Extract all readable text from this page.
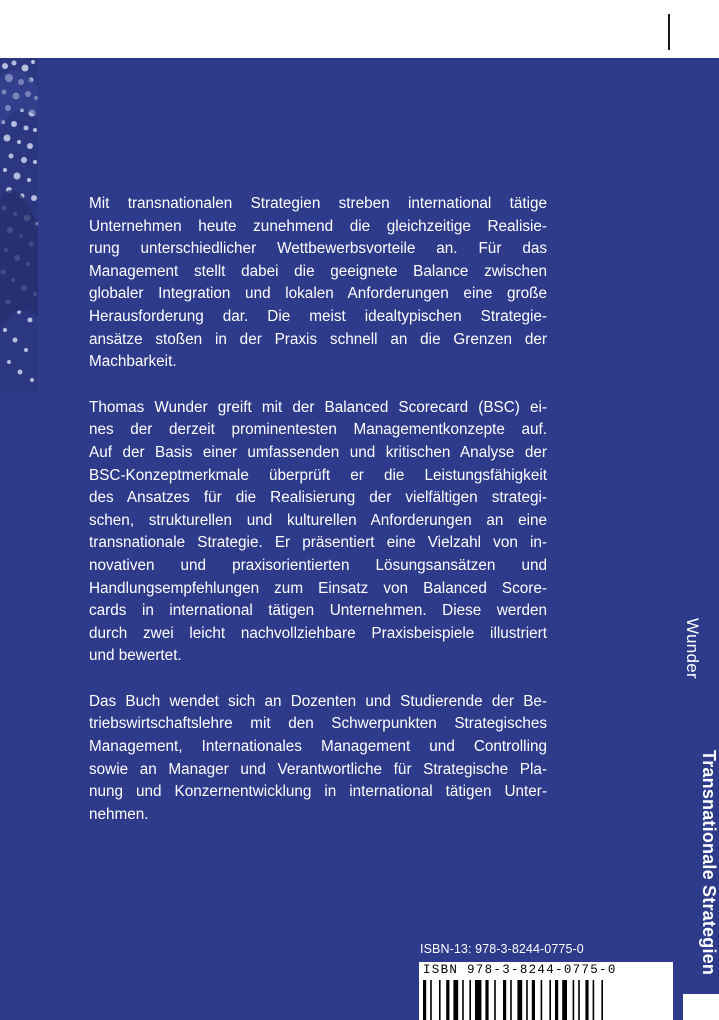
Mit transnationalen Strategien streben international tätige
Unternehmen heute zunehmend die gleichzeitige Realisie-
rung unterschiedlicher Wettbewerbsvorteile an. Für das
Management stellt dabei die geeignete Balance zwischen
globaler Integration und lokalen Anforderungen eine große
Herausforderung dar. Die meist idealtypischen Strategie-
ansätze stoßen in der Praxis schnell an die Grenzen der
Machbarkeit.

Thomas Wunder greift mit der Balanced Scorecard (BSC) ei-
nes der derzeit prominentesten Managementkonzepte auf.
Auf der Basis einer umfassenden und kritischen Analyse der
BSC-Konzeptmerkmale überprüft er die Leistungsfähigkeit
des Ansatzes für die Realisierung der vielfältigen strategi-
schen, strukturellen und kulturellen Anforderungen an eine
transnationale Strategie. Er präsentiert eine Vielzahl von in-
novativen und praxisorientierten Lösungsansätzen und
Handlungsempfehlungen zum Einsatz von Balanced Score-
cards in international tätigen Unternehmen. Diese werden
durch zwei leicht nachvollziehbare Praxisbeispiele illustriert
und bewertet.

Das Buch wendet sich an Dozenten und Studierende der Be-
triebswirtschaftslehre mit den Schwerpunkten Strategisches
Management, Internationales Management und Controlling
sowie an Manager und Verantwortliche für Strategische Pla-
nung und Konzernentwicklung in international tätigen Unter-
nehmen.

Wunder
Transnationale Strategien
ISBN-13: 978-3-8244-0775-0
ISBN 978-3-8244-0775-0
